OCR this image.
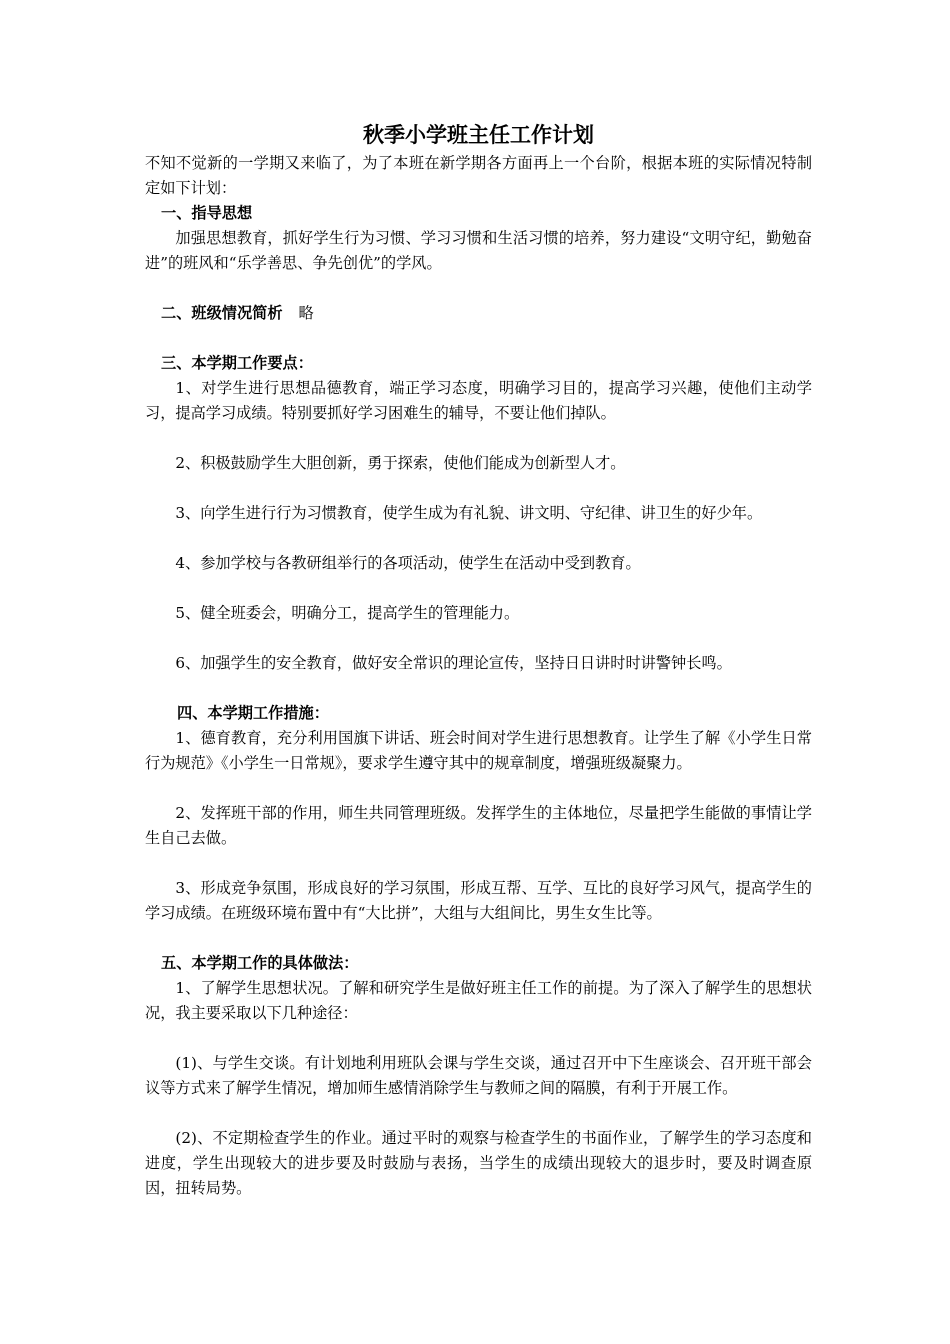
秋季小学班主任工作计划

不知不觉新的一学期又来临了，为了本班在新学期各方面再上一个台阶，根据本班的实际情况特制定如下计划：

一、指导思想

加强思想教育，抓好学生行为习惯、学习习惯和生活习惯的培养，努力建设“文明守纪，勤勉奋进”的班风和“乐学善思、争先创优”的学风。

二、班级情况简析 略

三、本学期工作要点：

1、对学生进行思想品德教育，端正学习态度，明确学习目的，提高学习兴趣，使他们主动学习，提高学习成绩。特别要抓好学习困难生的辅导，不要让他们掉队。

2、积极鼓励学生大胆创新，勇于探索，使他们能成为创新型人才。

3、向学生进行行为习惯教育，使学生成为有礼貌、讲文明、守纪律、讲卫生的好少年。

4、参加学校与各教研组举行的各项活动，使学生在活动中受到教育。

5、健全班委会，明确分工，提高学生的管理能力。

6、加强学生的安全教育，做好安全常识的理论宣传，坚持日日讲时时讲警钟长鸣。

四、本学期工作措施：

1、德育教育，充分利用国旗下讲话、班会时间对学生进行思想教育。让学生了解《小学生日常行为规范》《小学生一日常规》，要求学生遵守其中的规章制度，增强班级凝聚力。

2、发挥班干部的作用，师生共同管理班级。发挥学生的主体地位，尽量把学生能做的事情让学生自己去做。

3、形成竞争氛围，形成良好的学习氛围，形成互帮、互学、互比的良好学习风气，提高学生的学习成绩。在班级环境布置中有“大比拼”，大组与大组间比，男生女生比等。

五、本学期工作的具体做法：

1、了解学生思想状况。了解和研究学生是做好班主任工作的前提。为了深入了解学生的思想状况，我主要采取以下几种途径：

(1)、与学生交谈。有计划地利用班队会课与学生交谈，通过召开中下生座谈会、召开班干部会议等方式来了解学生情况，增加师生感情消除学生与教师之间的隔膜，有利于开展工作。

(2)、不定期检查学生的作业。通过平时的观察与检查学生的书面作业，了解学生的学习态度和进度，学生出现较大的进步要及时鼓励与表扬，当学生的成绩出现较大的退步时，要及时调查原因，扭转局势。
